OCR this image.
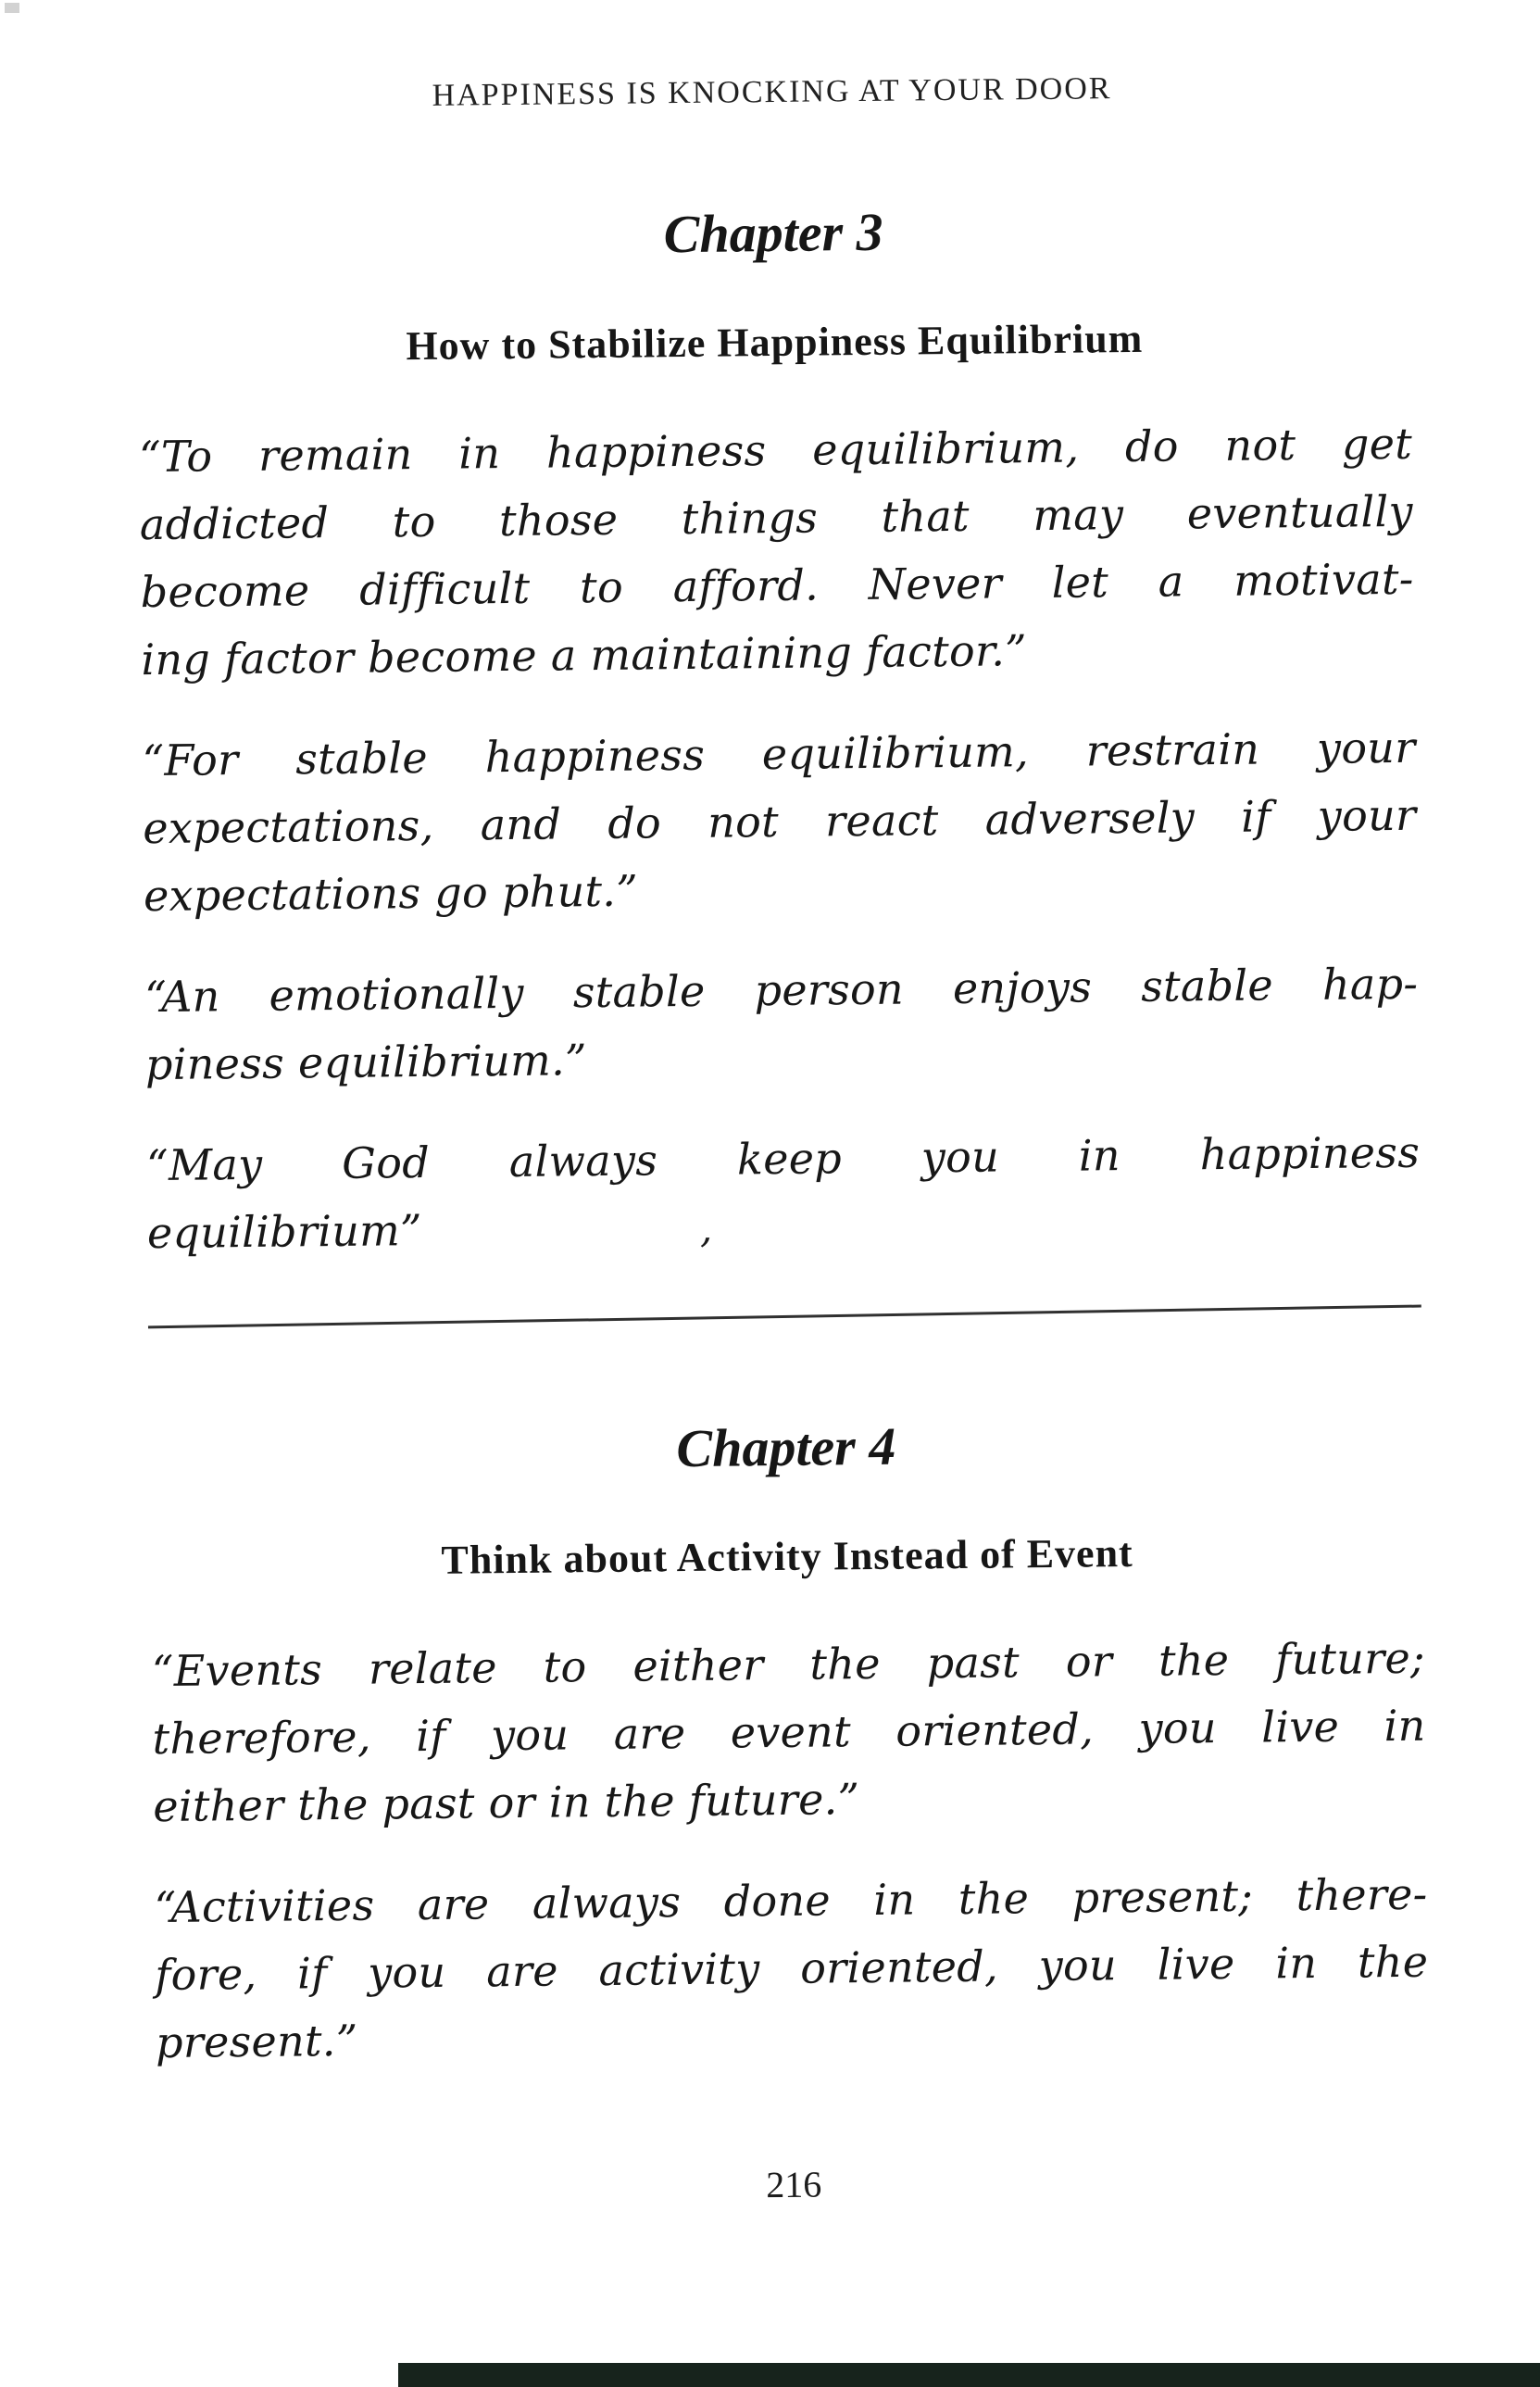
HAPPINESS IS KNOCKING AT YOUR DOOR
Chapter 3
How to Stabilize Happiness Equilibrium

“To remain in happiness equilibrium, do not get
addicted to those things that may eventually
become difficult to afford. Never let a motivat-
ing factor become a maintaining factor.”

“For stable happiness equilibrium, restrain your
expectations, and do not react adversely if your
expectations go phut.”

“An emotionally stable person enjoys stable hap-
piness equilibrium.”

“May God always keep you in happiness
equilibrium”	,

Chapter 4
Think about Activity Instead of Event

“Events relate to either the past or the future;
therefore, if you are event oriented, you live in
either the past or in the future.”

“Activities are always done in the present; there-
fore, if you are activity oriented, you live in the
present.”

216
